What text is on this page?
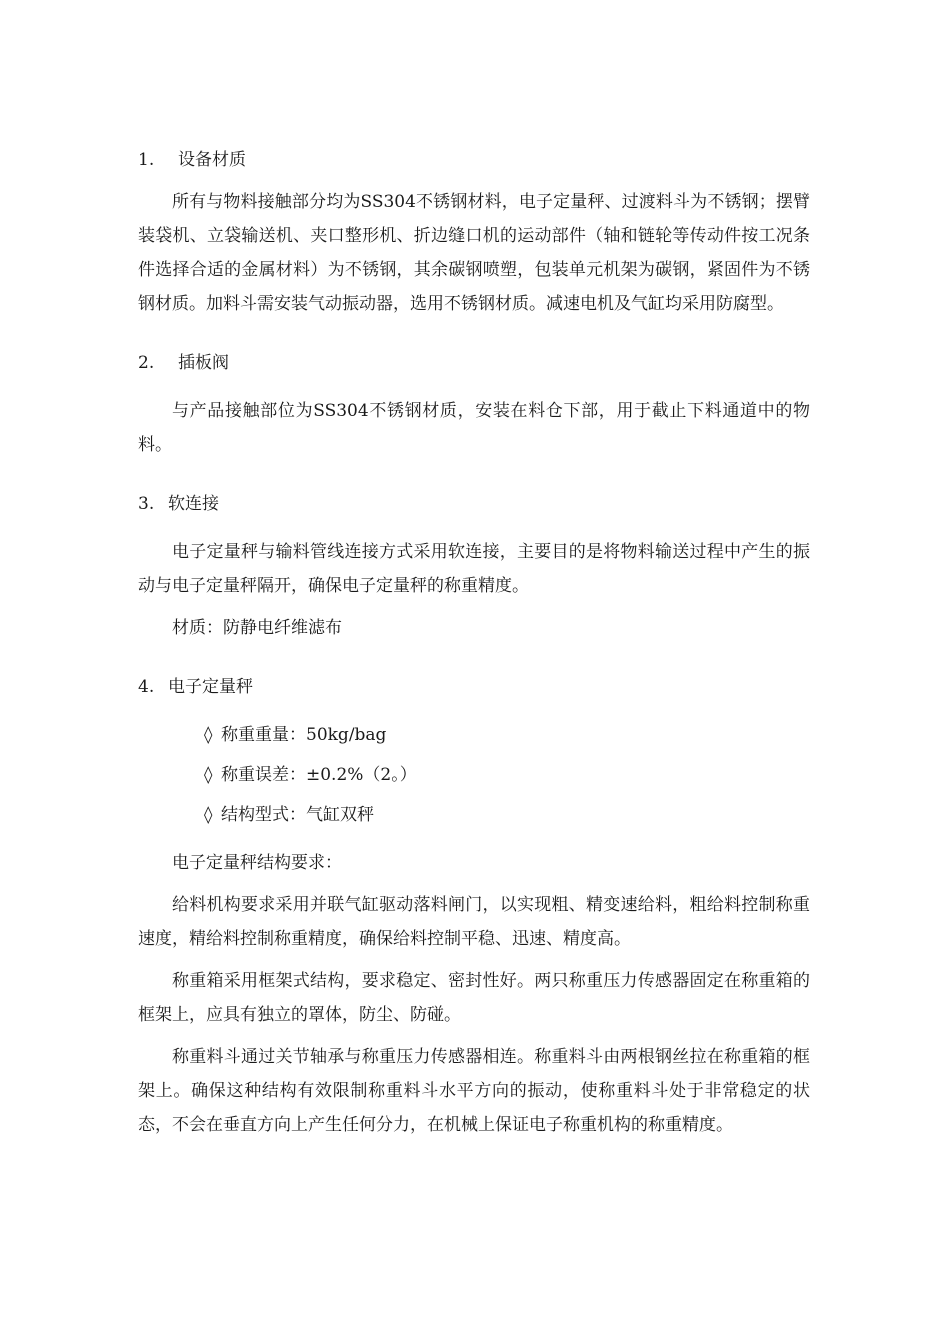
1.	设备材质

所有与物料接触部分均为SS304不锈钢材料，电子定量秤、过渡料斗为不锈钢；摆臂装袋机、立袋输送机、夹口整形机、折边缝口机的运动部件（轴和链轮等传动件按工况条件选择合适的金属材料）为不锈钢，其余碳钢喷塑，包装单元机架为碳钢，紧固件为不锈钢材质。加料斗需安装气动振动器，选用不锈钢材质。减速电机及气缸均采用防腐型。

2.	插板阀

与产品接触部位为SS304不锈钢材质，安装在料仓下部，用于截止下料通道中的物料。

3. 软连接

电子定量秤与输料管线连接方式采用软连接，主要目的是将物料输送过程中产生的振动与电子定量秤隔开，确保电子定量秤的称重精度。

材质：防静电纤维滤布

4. 电子定量秤
◊ 称重重量：50kg/bag
◊ 称重误差：±0.2%（2。）
◊ 结构型式：气缸双秤

电子定量秤结构要求：

给料机构要求采用并联气缸驱动落料闸门，以实现粗、精变速给料，粗给料控制称重速度，精给料控制称重精度，确保给料控制平稳、迅速、精度高。

称重箱采用框架式结构，要求稳定、密封性好。两只称重压力传感器固定在称重箱的框架上，应具有独立的罩体，防尘、防碰。

称重料斗通过关节轴承与称重压力传感器相连。称重料斗由两根钢丝拉在称重箱的框架上。确保这种结构有效限制称重料斗水平方向的振动，使称重料斗处于非常稳定的状态，不会在垂直方向上产生任何分力，在机械上保证电子称重机构的称重精度。
